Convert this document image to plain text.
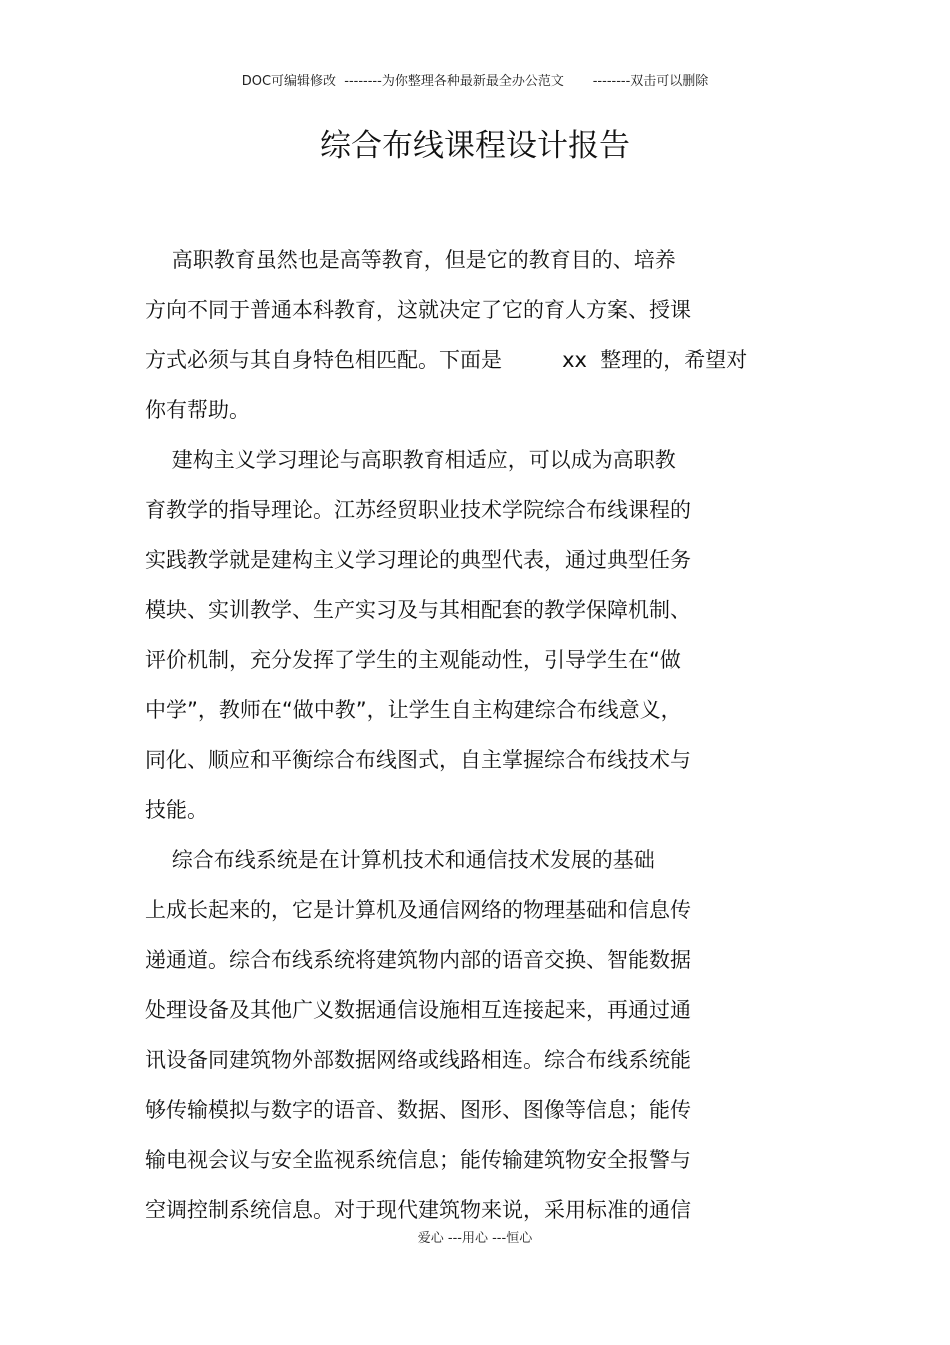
DOC可编辑修改  --------为你整理各种最新最全办公范文       --------双击可以删除
综合布线课程设计报告
高职教育虽然也是高等教育，但是它的教育目的、培养
方向不同于普通本科教育，这就决定了它的育人方案、授课
方式必须与其自身特色相匹配。下面是         xx  整理的，希望对
你有帮助。
建构主义学习理论与高职教育相适应，可以成为高职教
育教学的指导理论。江苏经贸职业技术学院综合布线课程的
实践教学就是建构主义学习理论的典型代表，通过典型任务
模块、实训教学、生产实习及与其相配套的教学保障机制、
评价机制，充分发挥了学生的主观能动性，引导学生在“做
中学”，教师在“做中教”，让学生自主构建综合布线意义，
同化、顺应和平衡综合布线图式，自主掌握综合布线技术与
技能。
综合布线系统是在计算机技术和通信技术发展的基础
上成长起来的，它是计算机及通信网络的物理基础和信息传
递通道。综合布线系统将建筑物内部的语音交换、智能数据
处理设备及其他广义数据通信设施相互连接起来，再通过通
讯设备同建筑物外部数据网络或线路相连。综合布线系统能
够传输模拟与数字的语音、数据、图形、图像等信息；能传
输电视会议与安全监视系统信息；能传输建筑物安全报警与
空调控制系统信息。对于现代建筑物来说，采用标准的通信
爱心 ---用心 ---恒心
